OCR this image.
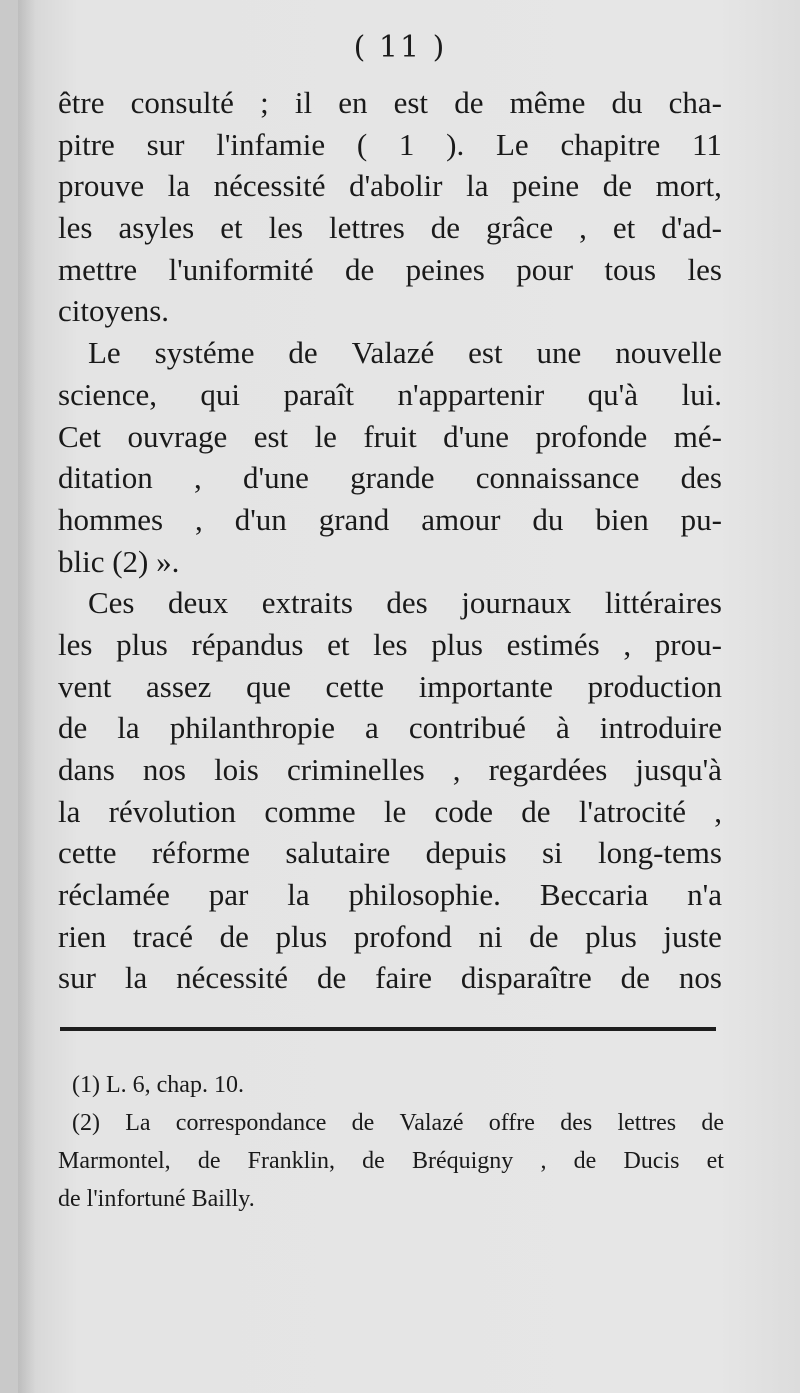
( 11 )
être consulté ; il en est de même du cha-
pitre sur l'infamie ( 1 ). Le chapitre 11
prouve la nécessité d'abolir la peine de mort,
les asyles et les lettres de grâce , et d'ad-
mettre l'uniformité de peines pour tous les
citoyens.
Le systéme de Valazé est une nouvelle
science, qui paraît n'appartenir qu'à lui.
Cet ouvrage est le fruit d'une profonde mé-
ditation , d'une grande connaissance des
hommes , d'un grand amour du bien pu-
blic (2) ».
Ces deux extraits des journaux littéraires
les plus répandus et les plus estimés , prou-
vent assez que cette importante production
de la philanthropie a contribué à introduire
dans nos lois criminelles , regardées jusqu'à
la révolution comme le code de l'atrocité ,
cette réforme salutaire depuis si long-tems
réclamée par la philosophie. Beccaria n'a
rien tracé de plus profond ni de plus juste
sur la nécessité de faire disparaître de nos
(1) L. 6, chap. 10.
(2) La correspondance de Valazé offre des lettres de
Marmontel, de Franklin, de Bréquigny , de Ducis et
de l'infortuné Bailly.
